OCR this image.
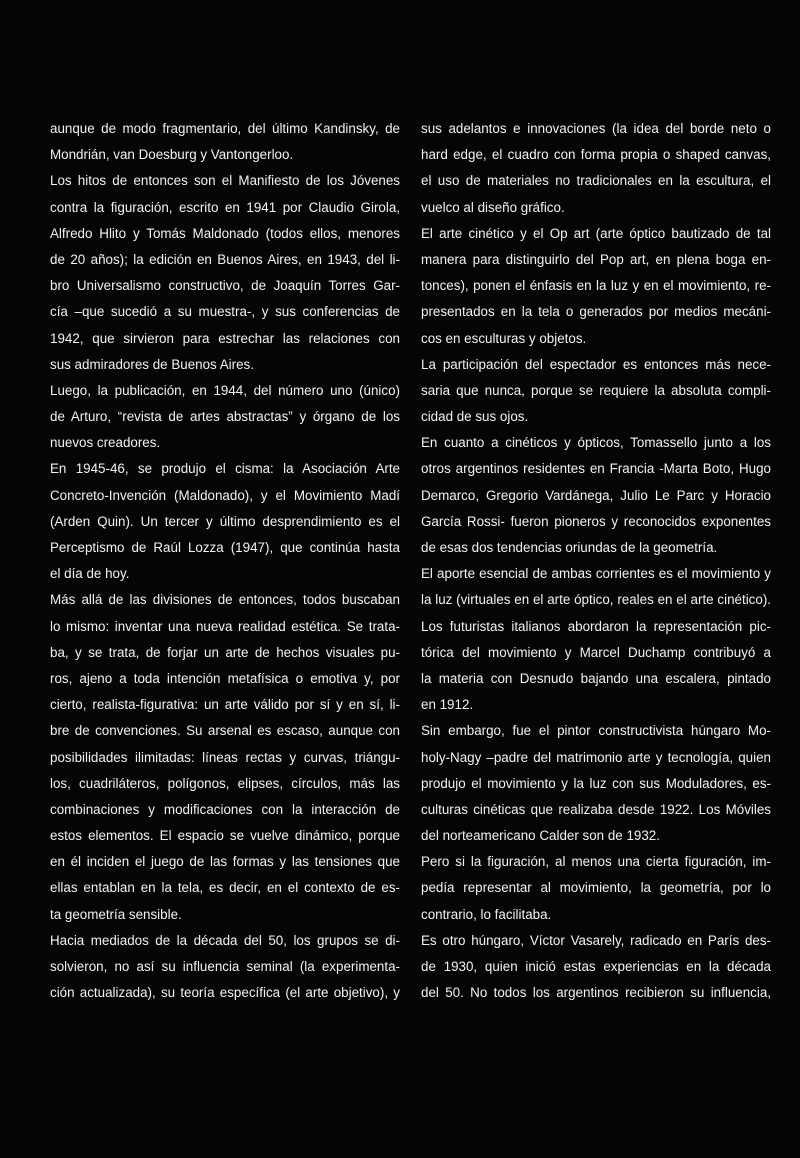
aunque de modo fragmentario, del último Kandinsky, de
Mondrián, van Doesburg y Vantongerloo.
Los hitos de entonces son el Manifiesto de los Jóvenes
contra la figuración, escrito en 1941 por Claudio Girola,
Alfredo Hlito y Tomás Maldonado (todos ellos, menores
de 20 años); la edición en Buenos Aires, en 1943, del li-
bro Universalismo constructivo, de Joaquín Torres Gar-
cía –que sucedió a su muestra-, y sus conferencias de
1942, que sirvieron para estrechar las relaciones con
sus admiradores de Buenos Aires.
Luego, la publicación, en 1944, del número uno (único)
de Arturo, “revista de artes abstractas” y órgano de los
nuevos creadores.
En 1945-46, se produjo el cisma: la Asociación Arte
Concreto-Invención (Maldonado), y el Movimiento Madí
(Arden Quin). Un tercer y último desprendimiento es el
Perceptismo de Raúl Lozza (1947), que continúa hasta
el día de hoy.
Más allá de las divisiones de entonces, todos buscaban
lo mismo: inventar una nueva realidad estética. Se trata-
ba, y se trata, de forjar un arte de hechos visuales pu-
ros, ajeno a toda intención metafísica o emotiva y, por
cierto, realista-figurativa: un arte válido por sí y en sí, li-
bre de convenciones. Su arsenal es escaso, aunque con
posibilidades ilimitadas: líneas rectas y curvas, triángu-
los, cuadriláteros, polígonos, elipses, círculos, más las
combinaciones y modificaciones con la interacción de
estos elementos. El espacio se vuelve dinámico, porque
en él inciden el juego de las formas y las tensiones que
ellas entablan en la tela, es decir, en el contexto de es-
ta geometría sensible.
Hacia mediados de la década del 50, los grupos se di-
solvieron, no así su influencia seminal (la experimenta-
ción actualizada), su teoría específica (el arte objetivo), y
sus adelantos e innovaciones (la idea del borde neto o
hard edge, el cuadro con forma propia o shaped canvas,
el uso de materiales no tradicionales en la escultura, el
vuelco al diseño gráfico.
El arte cinético y el Op art (arte óptico bautizado de tal
manera para distinguirlo del Pop art, en plena boga en-
tonces), ponen el énfasis en la luz y en el movimiento, re-
presentados en la tela o generados por medios mecáni-
cos en esculturas y objetos.
La participación del espectador es entonces más nece-
saria que nunca, porque se requiere la absoluta compli-
cidad de sus ojos.
En cuanto a cinéticos y ópticos, Tomassello junto a los
otros argentinos residentes en Francia -Marta Boto, Hugo
Demarco, Gregorio Vardánega, Julio Le Parc y Horacio
García Rossi- fueron pioneros y reconocidos exponentes
de esas dos tendencias oriundas de la geometría.
El aporte esencial de ambas corrientes es el movimiento y
la luz (virtuales en el arte óptico, reales en el arte cinético).
Los futuristas italianos abordaron la representación pic-
tórica del movimiento y Marcel Duchamp contribuyó a
la materia con Desnudo bajando una escalera, pintado
en 1912.
Sin embargo, fue el pintor constructivista húngaro Mo-
holy-Nagy –padre del matrimonio arte y tecnología, quien
produjo el movimiento y la luz con sus Moduladores, es-
culturas cinéticas que realizaba desde 1922. Los Móviles
del norteamericano Calder son de 1932.
Pero si la figuración, al menos una cierta figuración, im-
pedía representar al movimiento, la geometría, por lo
contrario, lo facilitaba.
Es otro húngaro, Víctor Vasarely, radicado en París des-
de 1930, quien inició estas experiencias en la década
del 50. No todos los argentinos recibieron su influencia,
